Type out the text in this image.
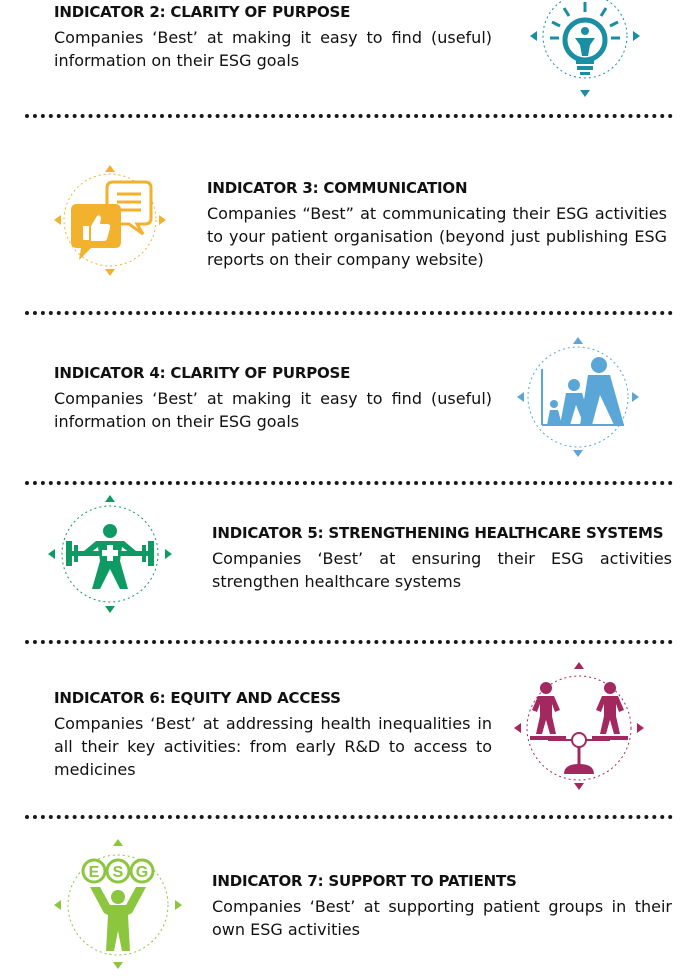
INDICATOR 2: CLARITY OF PURPOSE

Companies ‘Best’ at making it easy to find (useful) information on their ESG goals

INDICATOR 3: COMMUNICATION

Companies “Best” at communicating their ESG activities to your patient organisation (beyond just publishing ESG reports on their company website)

INDICATOR 4: CLARITY OF PURPOSE

Companies ‘Best’ at making it easy to find (useful) information on their ESG goals

INDICATOR 5: STRENGTHENING HEALTHCARE SYSTEMS

Companies ‘Best’ at ensuring their ESG activities strengthen healthcare systems

INDICATOR 6: EQUITY AND ACCESS

Companies ‘Best’ at addressing health inequalities in all their key activities: from early R&D to access to medicines

E S G	INDICATOR 7: SUPPORT TO PATIENTS

Companies ‘Best’ at supporting patient groups in their own ESG activities
